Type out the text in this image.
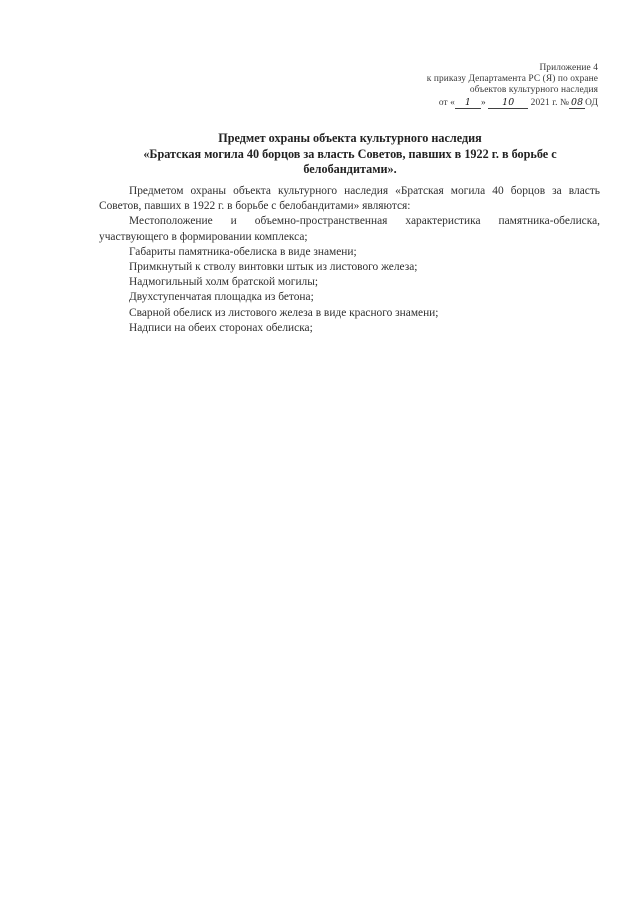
Приложение 4
к приказу Департамента РС (Я) по охране
объектов культурного наследия
от « 1 » 10 2021 г. № 08 ОД
Предмет охраны объекта культурного наследия
«Братская могила 40 борцов за власть Советов, павших в 1922 г. в борьбе с
белобандитами».

Предметом охраны объекта культурного наследия «Братская могила 40 борцов за власть Советов, павших в 1922 г. в борьбе с белобандитами» являются:

Местоположение и объемно-пространственная характеристика памятника-обелиска, участвующего в формировании комплекса;

Габариты памятника-обелиска в виде знамени;
Примкнутый к стволу винтовки штык из листового железа;
Надмогильный холм братской могилы;
Двухступенчатая площадка из бетона;
Сварной обелиск из листового железа в виде красного знамени;
Надписи на обеих сторонах обелиска;
